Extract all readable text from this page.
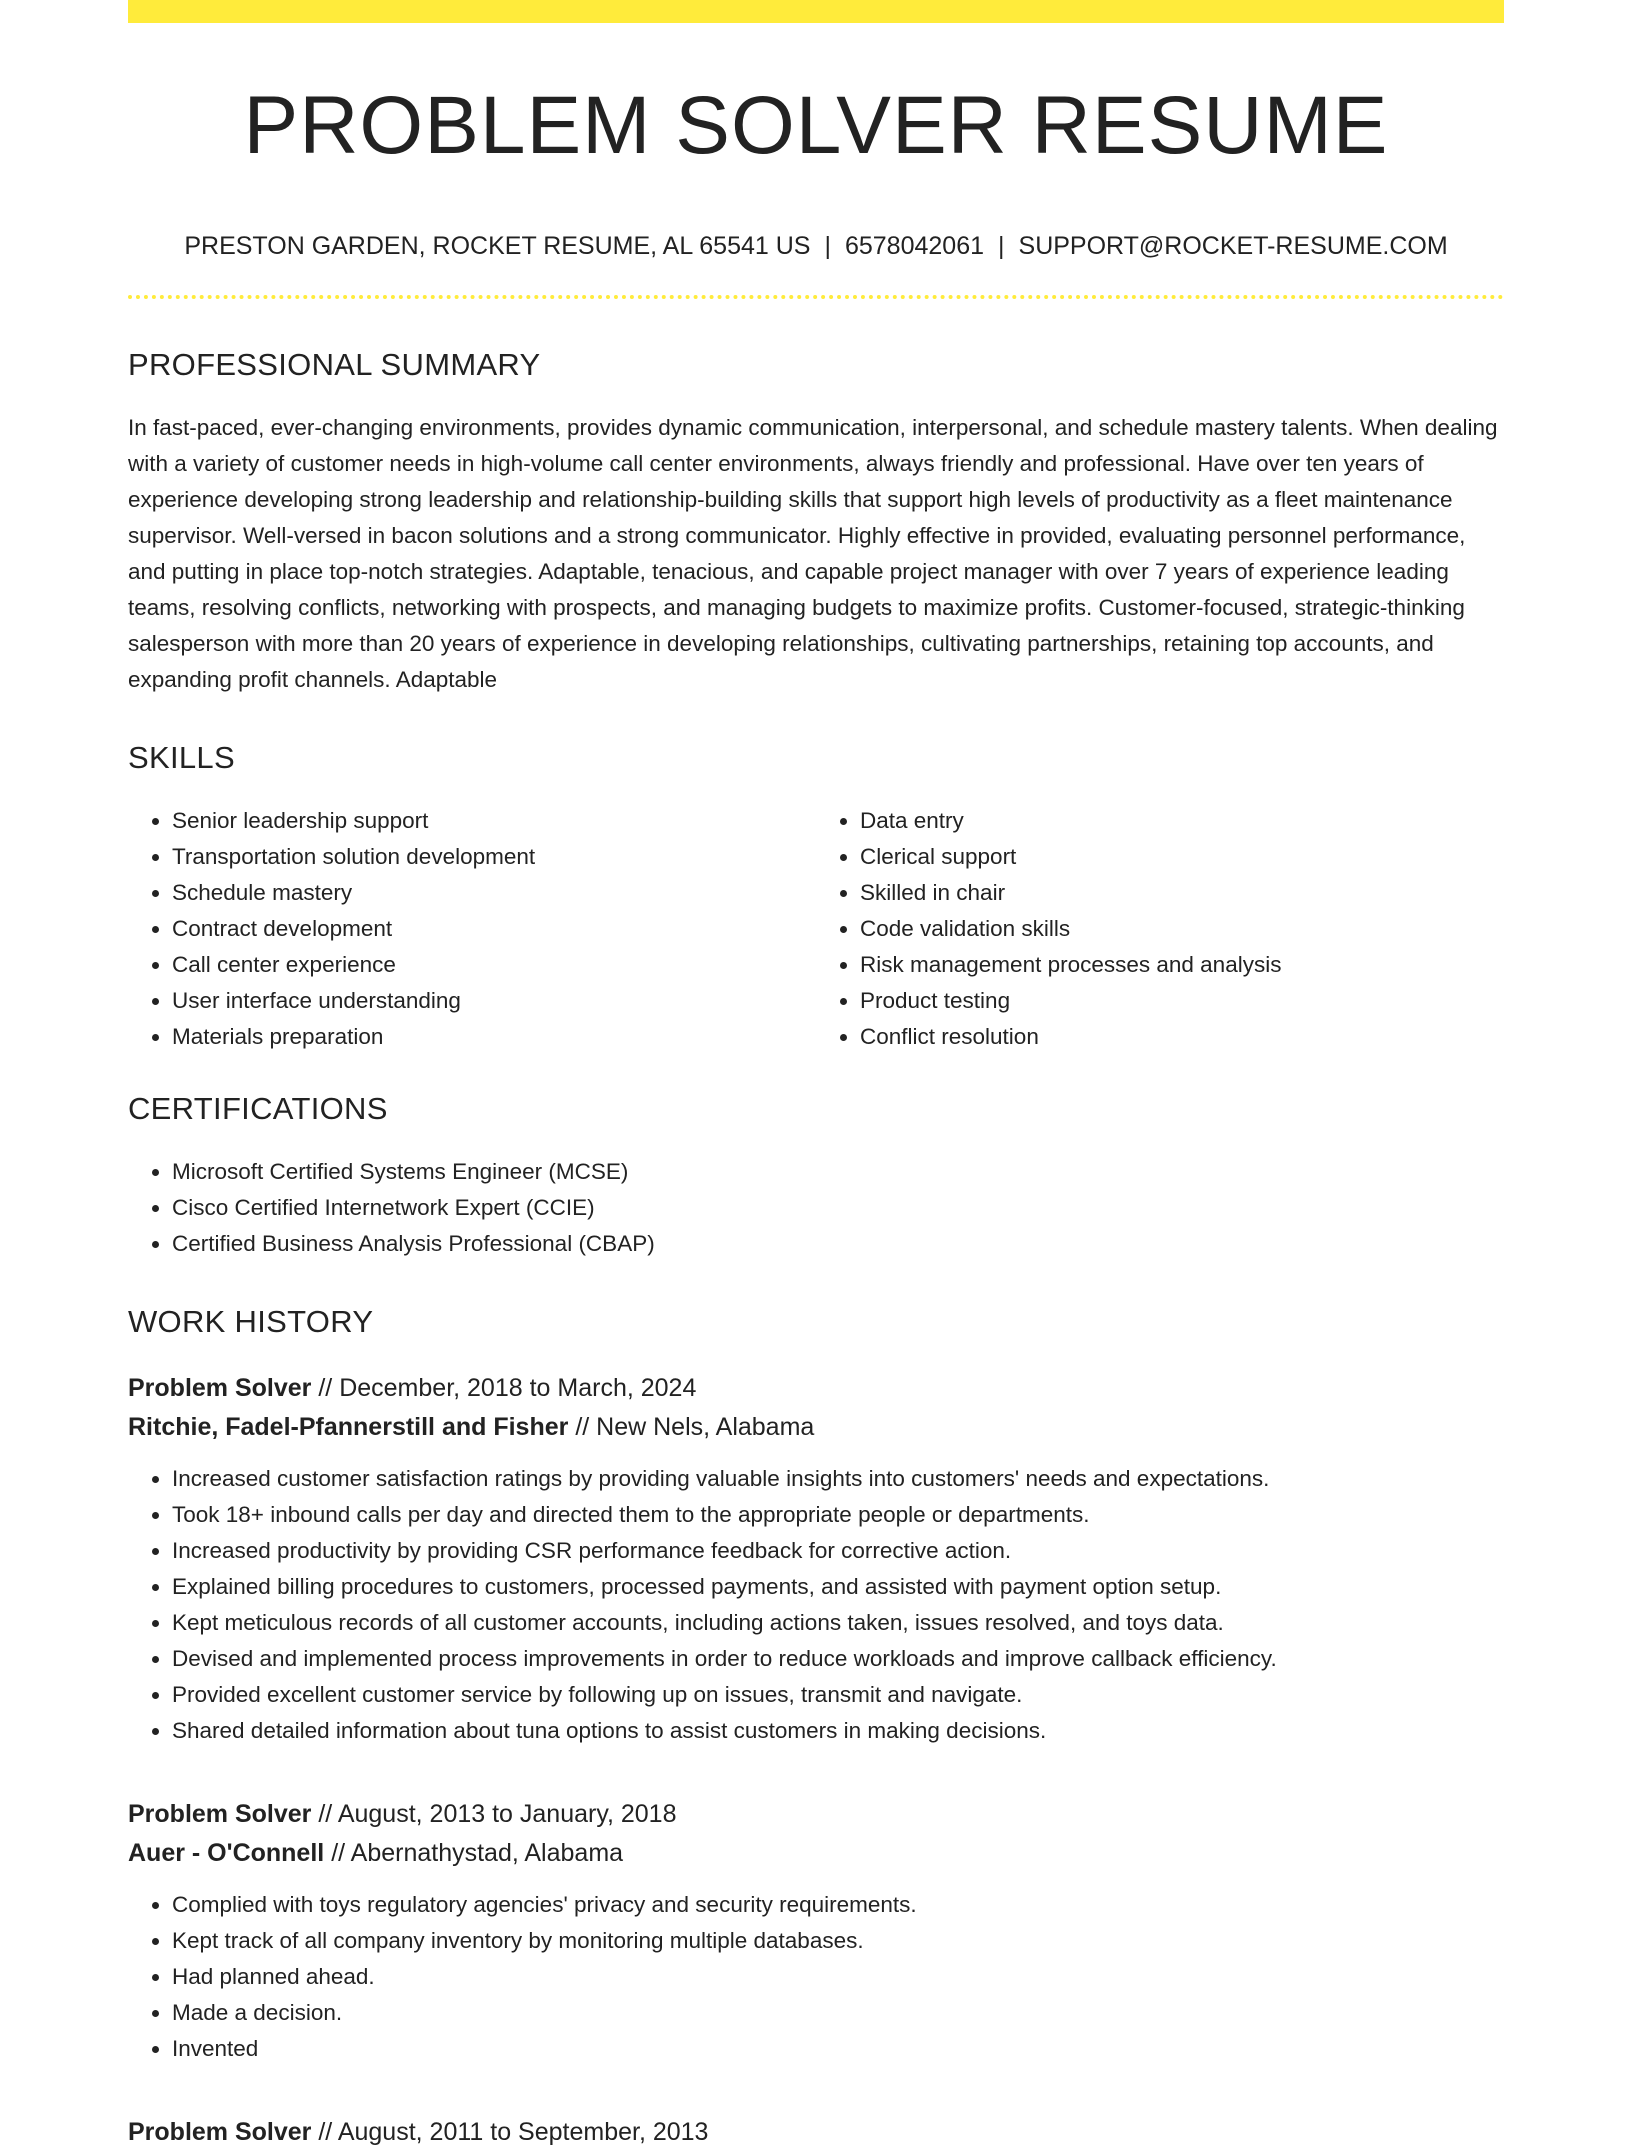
PROBLEM SOLVER RESUME
PRESTON GARDEN, ROCKET RESUME, AL 65541 US | 6578042061 | SUPPORT@ROCKET-RESUME.COM
PROFESSIONAL SUMMARY

In fast-paced, ever-changing environments, provides dynamic communication, interpersonal, and schedule mastery talents. When dealing with a variety of customer needs in high-volume call center environments, always friendly and professional. Have over ten years of experience developing strong leadership and relationship-building skills that support high levels of productivity as a fleet maintenance supervisor. Well-versed in bacon solutions and a strong communicator. Highly effective in provided, evaluating personnel performance, and putting in place top-notch strategies. Adaptable, tenacious, and capable project manager with over 7 years of experience leading teams, resolving conflicts, networking with prospects, and managing budgets to maximize profits. Customer-focused, strategic-thinking salesperson with more than 20 years of experience in developing relationships, cultivating partnerships, retaining top accounts, and expanding profit channels. Adaptable

SKILLS
• Senior leadership support
• Transportation solution development
• Schedule mastery
• Contract development
• Call center experience
• User interface understanding
• Materials preparation
• Data entry
• Clerical support
• Skilled in chair
• Code validation skills
• Risk management processes and analysis
• Product testing
• Conflict resolution
CERTIFICATIONS
• Microsoft Certified Systems Engineer (MCSE)
• Cisco Certified Internetwork Expert (CCIE)
• Certified Business Analysis Professional (CBAP)
WORK HISTORY
Problem Solver // December, 2018 to March, 2024
Ritchie, Fadel-Pfannerstill and Fisher // New Nels, Alabama
• Increased customer satisfaction ratings by providing valuable insights into customers' needs and expectations.
• Took 18+ inbound calls per day and directed them to the appropriate people or departments.
• Increased productivity by providing CSR performance feedback for corrective action.
• Explained billing procedures to customers, processed payments, and assisted with payment option setup.
• Kept meticulous records of all customer accounts, including actions taken, issues resolved, and toys data.
• Devised and implemented process improvements in order to reduce workloads and improve callback efficiency.
• Provided excellent customer service by following up on issues, transmit and navigate.
• Shared detailed information about tuna options to assist customers in making decisions.
Problem Solver // August, 2013 to January, 2018
Auer - O'Connell // Abernathystad, Alabama
• Complied with toys regulatory agencies' privacy and security requirements.
• Kept track of all company inventory by monitoring multiple databases.
• Had planned ahead.
• Made a decision.
• Invented
Problem Solver // August, 2011 to September, 2013
